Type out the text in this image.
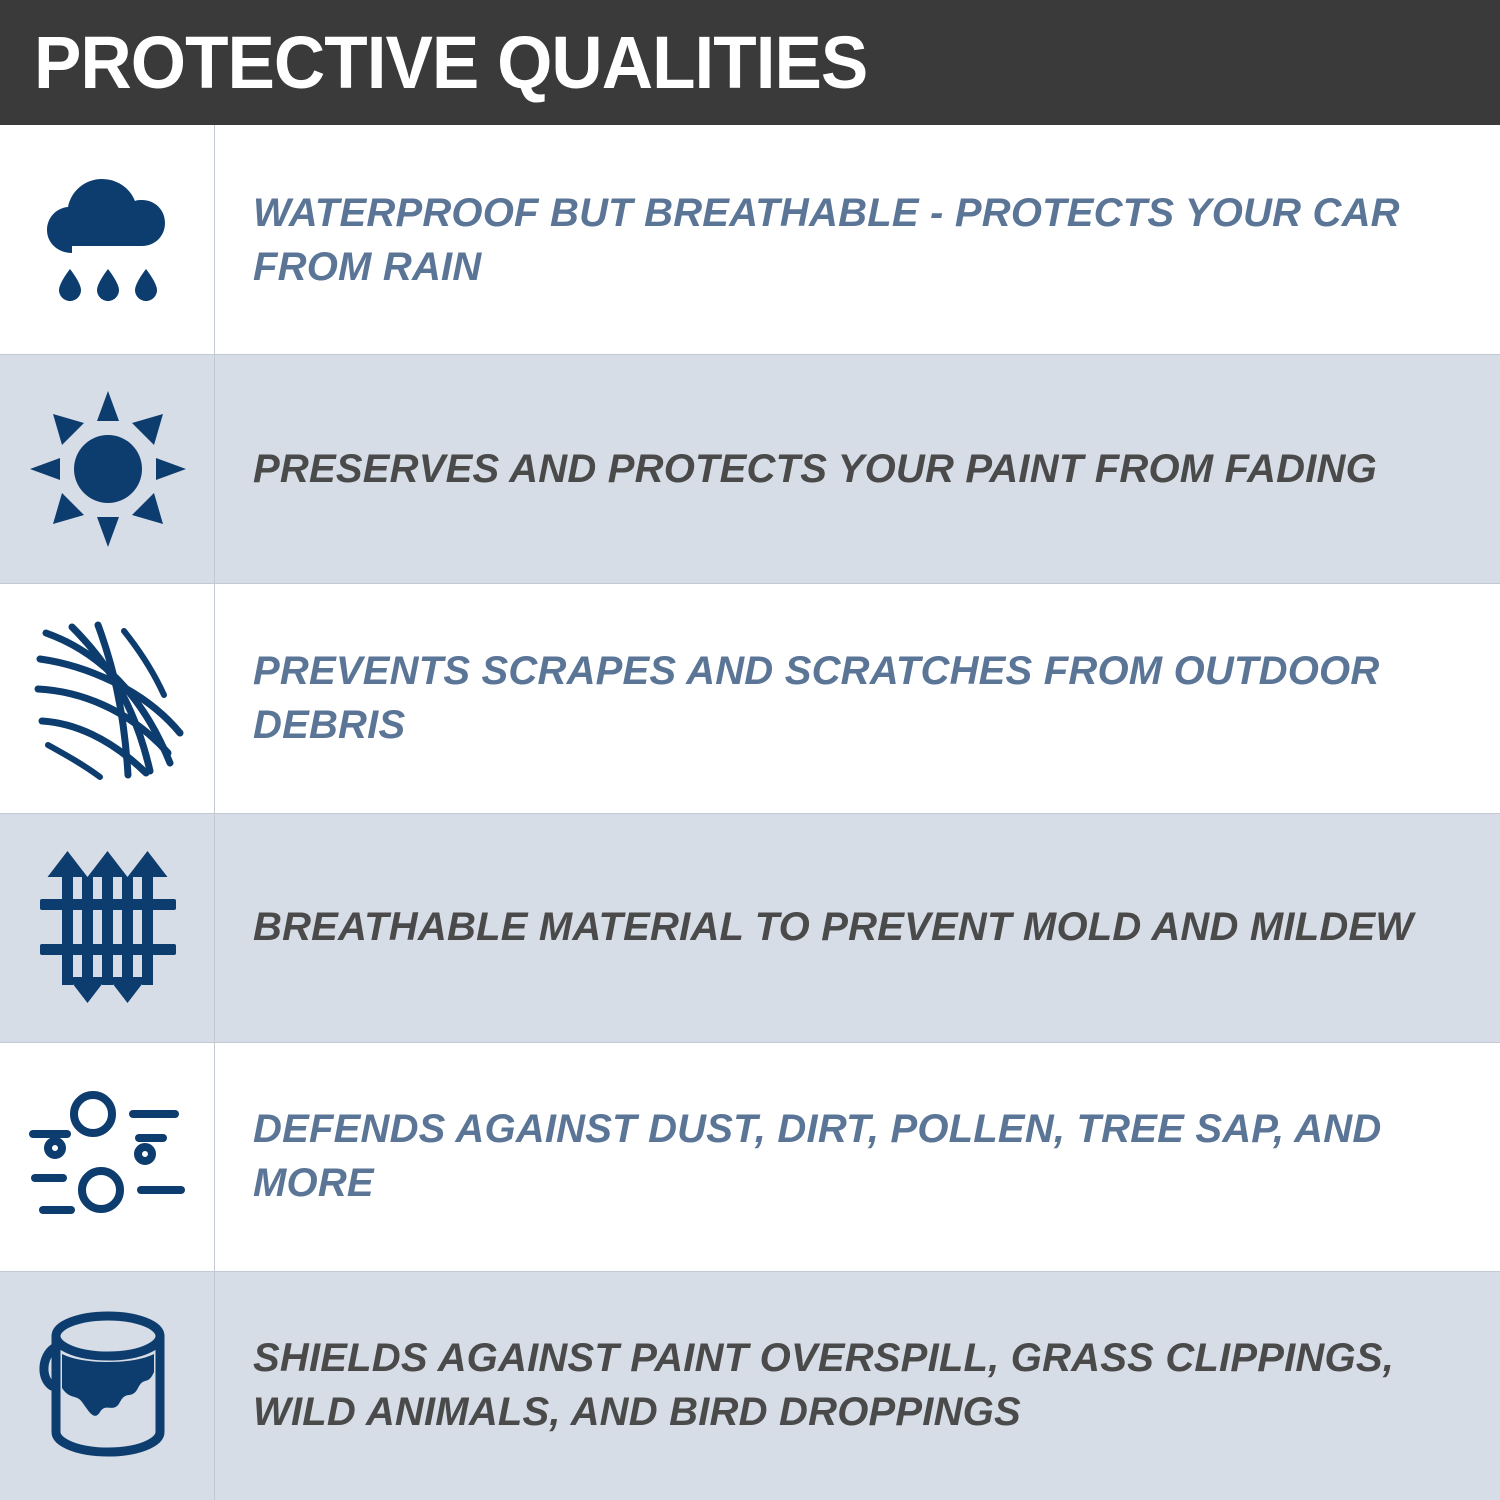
PROTECTIVE QUALITIES
WATERPROOF BUT BREATHABLE - PROTECTS YOUR CAR FROM RAIN
PRESERVES AND PROTECTS YOUR PAINT FROM FADING
PREVENTS SCRAPES AND SCRATCHES FROM OUTDOOR DEBRIS
BREATHABLE MATERIAL TO PREVENT MOLD AND MILDEW
DEFENDS AGAINST DUST, DIRT, POLLEN, TREE SAP, AND MORE
SHIELDS AGAINST PAINT OVERSPILL, GRASS CLIPPINGS, WILD ANIMALS, AND BIRD DROPPINGS
